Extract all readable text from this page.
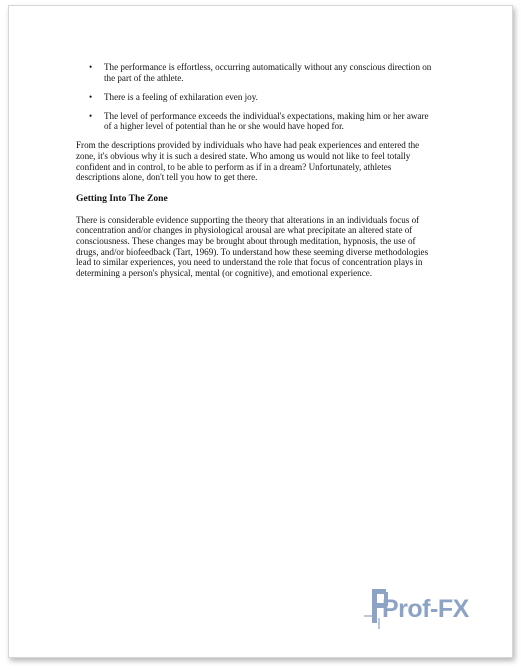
• The performance is effortless, occurring automatically without any conscious direction on the part of the athlete.
• There is a feeling of exhilaration even joy.
• The level of performance exceeds the individual's expectations, making him or her aware of a higher level of potential than he or she would have hoped for.

From the descriptions provided by individuals who have had peak experiences and entered the zone, it's obvious why it is such a desired state. Who among us would not like to feel totally confident and in control, to be able to perform as if in a dream? Unfortunately, athletes descriptions alone, don't tell you how to get there.

Getting Into The Zone

There is considerable evidence supporting the theory that alterations in an individuals focus of concentration and/or changes in physiological arousal are what precipitate an altered state of consciousness. These changes may be brought about through meditation, hypnosis, the use of drugs, and/or biofeedback (Tart, 1969). To understand how these seeming diverse methodologies lead to similar experiences, you need to understand the role that focus of concentration plays in determining a person's physical, mental (or cognitive), and emotional experience.

Prof-FX
